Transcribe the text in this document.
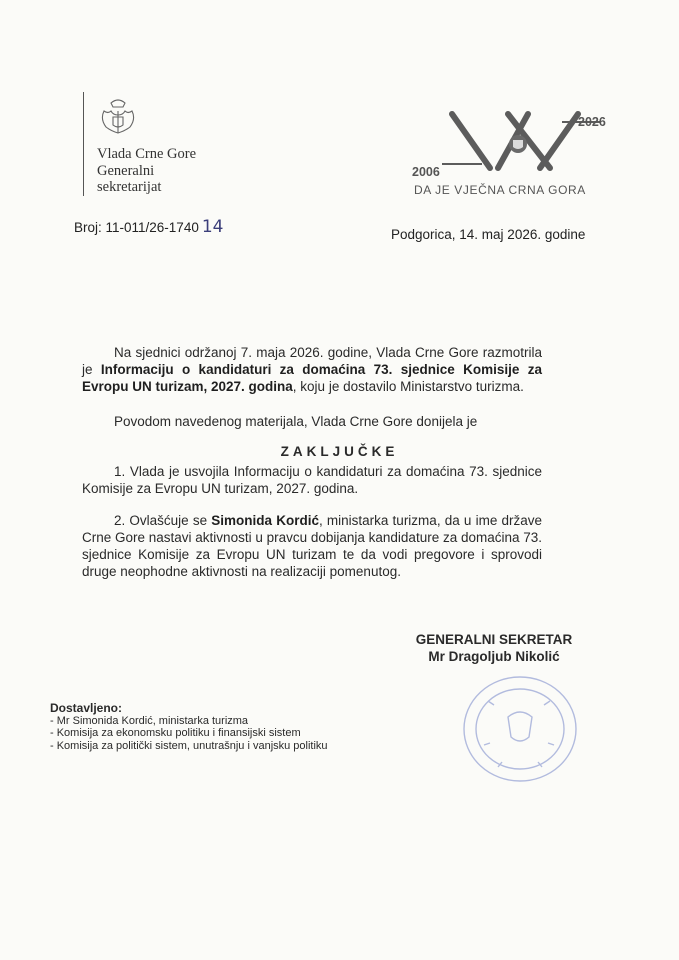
Vlada Crne Gore
Generalni
sekretarijat
2006
2026
DA JE VJEČNA CRNA GORA
Broj: 11-011/26-1740 14	Podgorica, 14. maj 2026. godine

Na sjednici održanoj 7. maja 2026. godine, Vlada Crne Gore razmotrila je Informaciju o kandidaturi za domaćina 73. sjednice Komisije za Evropu UN turizam, 2027. godina, koju je dostavilo Ministarstvo turizma.

Povodom navedenog materijala, Vlada Crne Gore donijela je

ZAKLJUČKE

1. Vlada je usvojila Informaciju o kandidaturi za domaćina 73. sjednice Komisije za Evropu UN turizam, 2027. godina.

2. Ovlašćuje se Simonida Kordić, ministarka turizma, da u ime države Crne Gore nastavi aktivnosti u pravcu dobijanja kandidature za domaćina 73. sjednice Komisije za Evropu UN turizam te da vodi pregovore i sprovodi druge neophodne aktivnosti na realizaciji pomenutog.

GENERALNI SEKRETAR
Mr Dragoljub Nikolić
Dostavljeno:
- Mr Simonida Kordić, ministarka turizma
- Komisija za ekonomsku politiku i finansijski sistem
- Komisija za politički sistem, unutrašnju i vanjsku politiku
